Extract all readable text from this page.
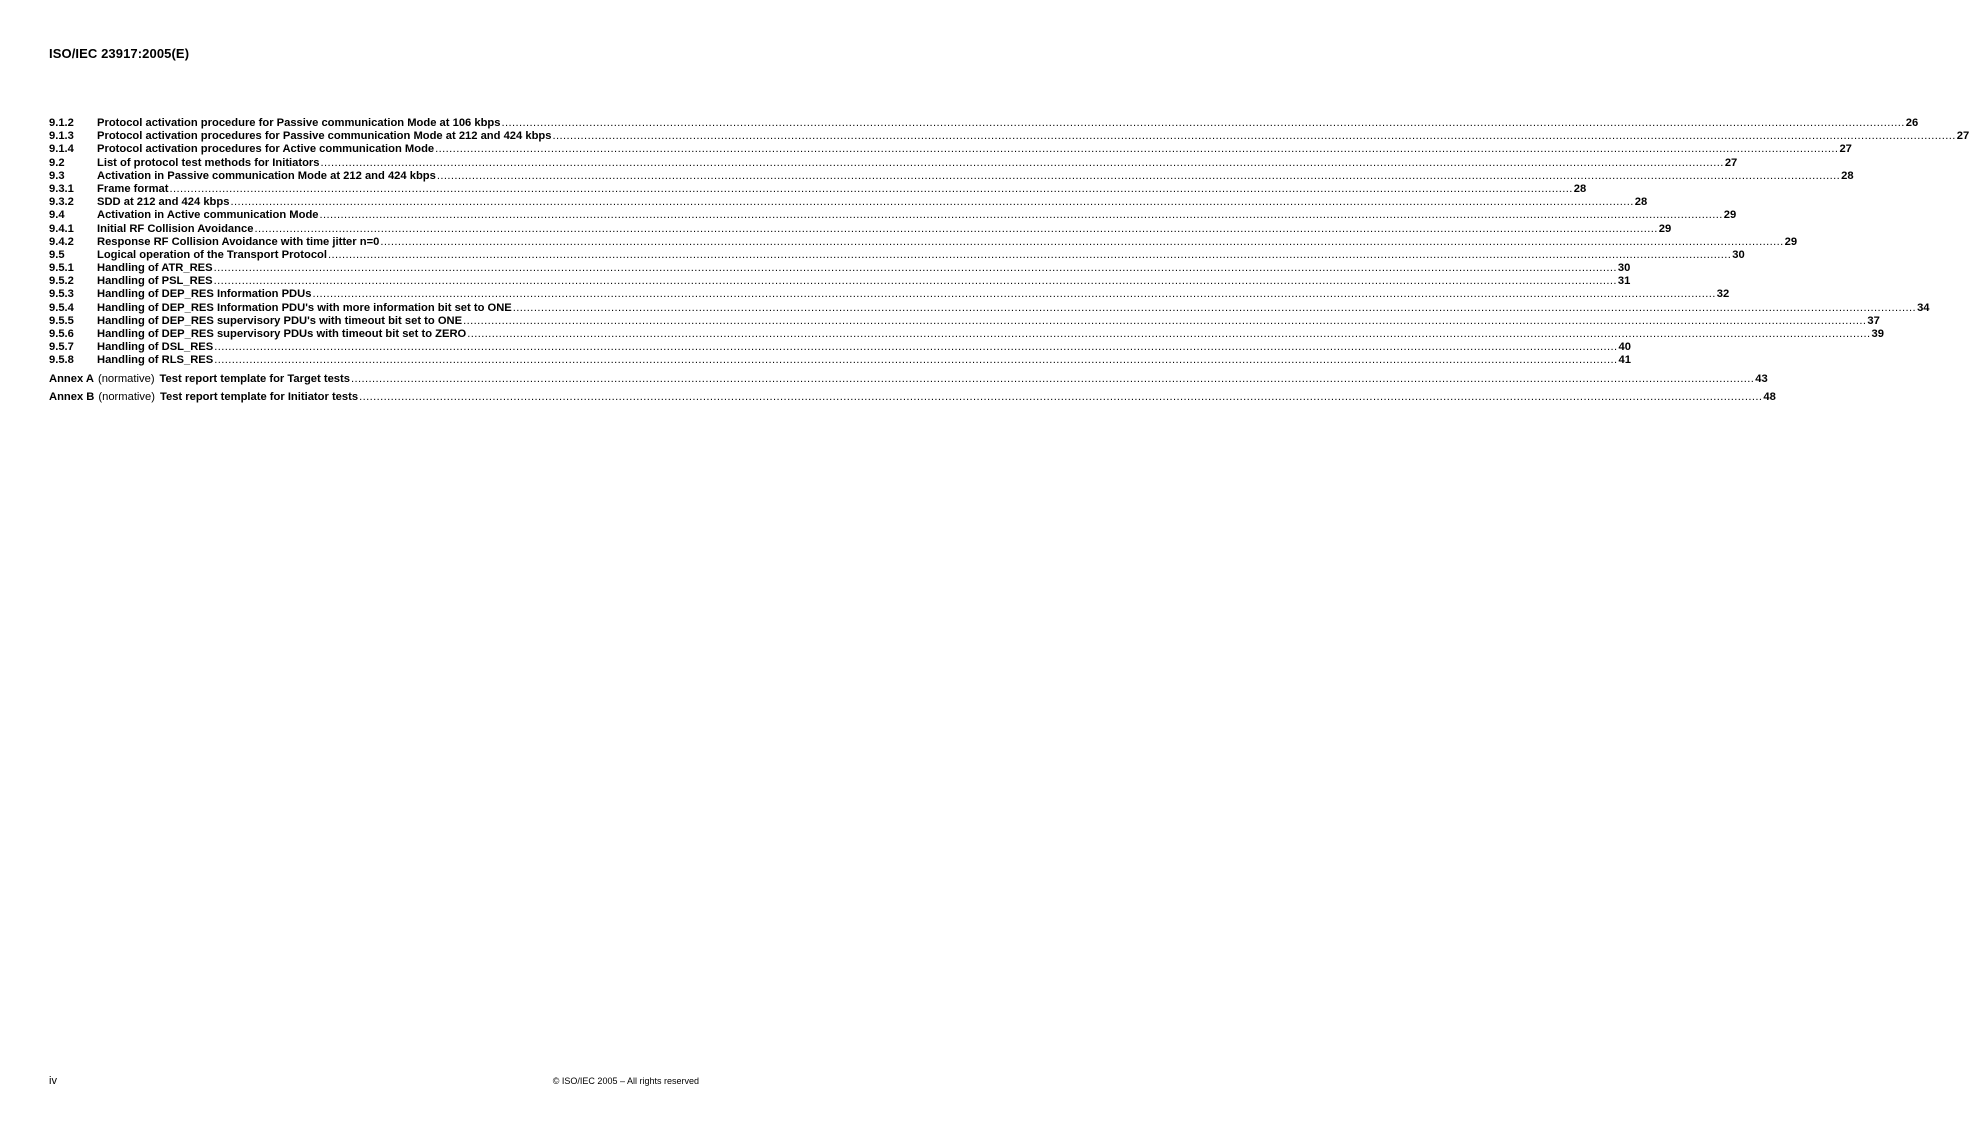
ISO/IEC 23917:2005(E)
9.1.2	Protocol activation procedure for Passive communication Mode at 106 kbps ................................................................................................................................................................................................................................................................................................................................................................................................................ 26
9.1.3	Protocol activation procedures for Passive communication Mode at 212 and 424 kbps ................................................................................................................................................................................................................................................................................................................................................................................................................ 27
9.1.4	Protocol activation procedures for Active communication Mode ................................................................................................................................................................................................................................................................................................................................................................................................................ 27
9.2	List of protocol test methods for Initiators ................................................................................................................................................................................................................................................................................................................................................................................................................ 27
9.3	Activation in Passive communication Mode at 212 and 424 kbps ................................................................................................................................................................................................................................................................................................................................................................................................................ 28
9.3.1	Frame format ................................................................................................................................................................................................................................................................................................................................................................................................................ 28
9.3.2	SDD at 212 and 424 kbps ................................................................................................................................................................................................................................................................................................................................................................................................................ 28
9.4	Activation in Active communication Mode ................................................................................................................................................................................................................................................................................................................................................................................................................ 29
9.4.1	Initial RF Collision Avoidance ................................................................................................................................................................................................................................................................................................................................................................................................................ 29
9.4.2	Response RF Collision Avoidance with time jitter n=0 ................................................................................................................................................................................................................................................................................................................................................................................................................ 29
9.5	Logical operation of the Transport Protocol ................................................................................................................................................................................................................................................................................................................................................................................................................ 30
9.5.1	Handling of ATR_RES ................................................................................................................................................................................................................................................................................................................................................................................................................ 30
9.5.2	Handling of PSL_RES ................................................................................................................................................................................................................................................................................................................................................................................................................ 31
9.5.3	Handling of DEP_RES Information PDUs ................................................................................................................................................................................................................................................................................................................................................................................................................ 32
9.5.4	Handling of DEP_RES Information PDU's with more information bit set to ONE ................................................................................................................................................................................................................................................................................................................................................................................................................ 34
9.5.5	Handling of DEP_RES supervisory PDU's with timeout bit set to ONE ................................................................................................................................................................................................................................................................................................................................................................................................................ 37
9.5.6	Handling of DEP_RES supervisory PDUs with timeout bit set to ZERO ................................................................................................................................................................................................................................................................................................................................................................................................................ 39
9.5.7	Handling of DSL_RES ................................................................................................................................................................................................................................................................................................................................................................................................................ 40
9.5.8	Handling of RLS_RES ................................................................................................................................................................................................................................................................................................................................................................................................................ 41
Annex A (normative) Test report template for Target tests ................................................................................................................................................................................................................................................................................................................................................................................................................ 43
Annex B (normative) Test report template for Initiator tests ................................................................................................................................................................................................................................................................................................................................................................................................................ 48
iv	© ISO/IEC 2005 – All rights reserved
